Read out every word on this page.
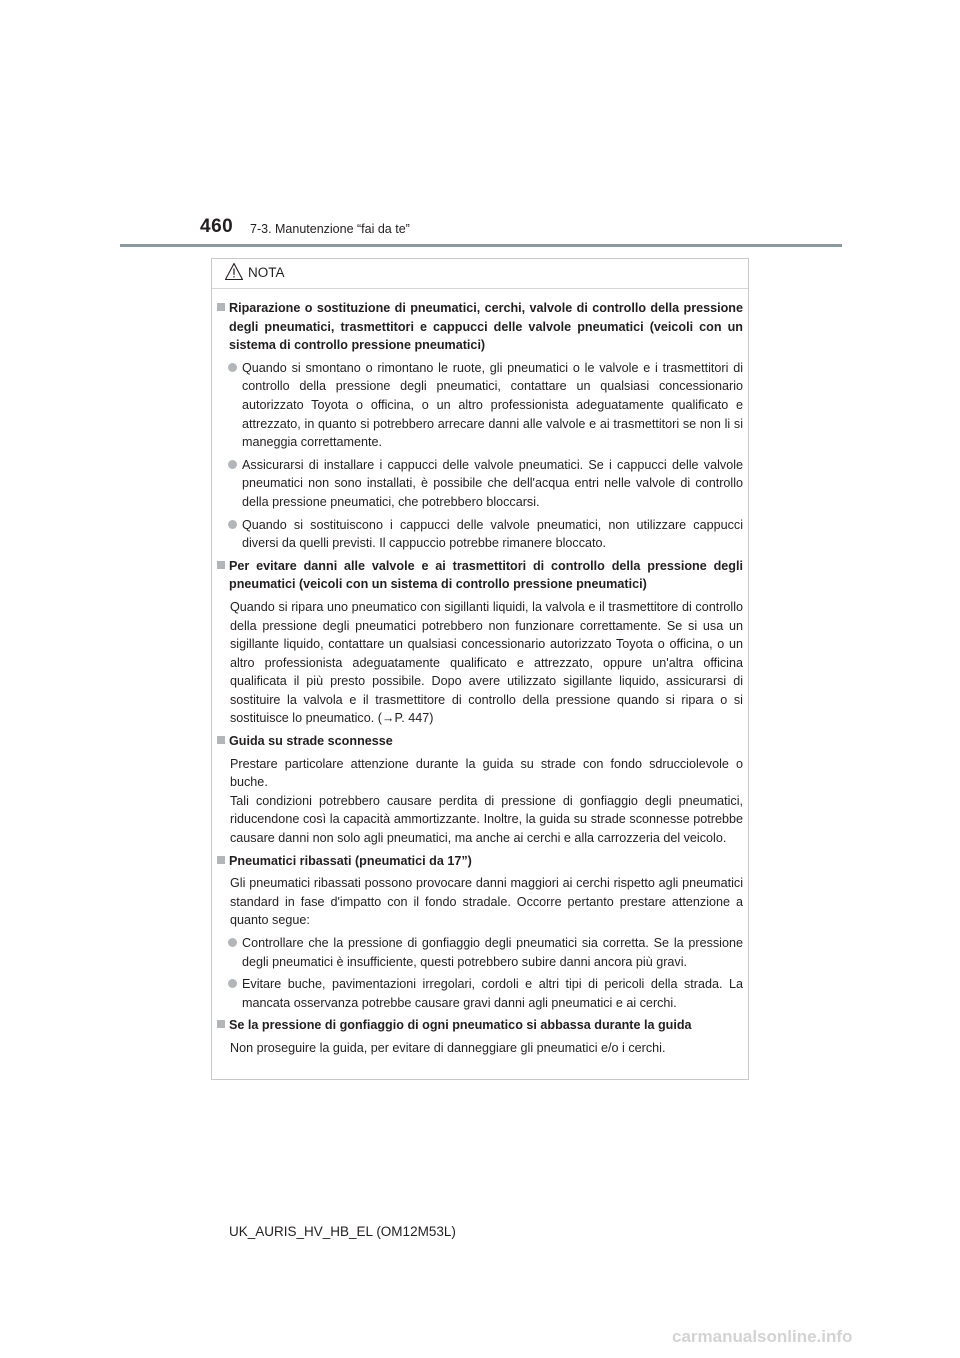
460 7-3. Manutenzione “fai da te”
NOTA
Riparazione o sostituzione di pneumatici, cerchi, valvole di controllo della pressione degli pneumatici, trasmettitori e cappucci delle valvole pneumatici (veicoli con un sistema di controllo pressione pneumatici)
Quando si smontano o rimontano le ruote, gli pneumatici o le valvole e i trasmettitori di controllo della pressione degli pneumatici, contattare un qualsiasi concessionario autorizzato Toyota o officina, o un altro professionista adeguatamente qualificato e attrezzato, in quanto si potrebbero arrecare danni alle valvole e ai trasmettitori se non li si maneggia correttamente.
Assicurarsi di installare i cappucci delle valvole pneumatici. Se i cappucci delle valvole pneumatici non sono installati, è possibile che dell'acqua entri nelle valvole di controllo della pressione pneumatici, che potrebbero bloccarsi.
Quando si sostituiscono i cappucci delle valvole pneumatici, non utilizzare cappucci diversi da quelli previsti. Il cappuccio potrebbe rimanere bloccato.
Per evitare danni alle valvole e ai trasmettitori di controllo della pressione degli pneumatici (veicoli con un sistema di controllo pressione pneumatici)
Quando si ripara uno pneumatico con sigillanti liquidi, la valvola e il trasmettitore di controllo della pressione degli pneumatici potrebbero non funzionare correttamente. Se si usa un sigillante liquido, contattare un qualsiasi concessionario autorizzato Toyota o officina, o un altro professionista adeguatamente qualificato e attrezzato, oppure un'altra officina qualificata il più presto possibile. Dopo avere utilizzato sigillante liquido, assicurarsi di sostituire la valvola e il trasmettitore di controllo della pressione quando si ripara o si sostituisce lo pneumatico. (→P. 447)
Guida su strade sconnesse
Prestare particolare attenzione durante la guida su strade con fondo sdrucciolevole o buche.
Tali condizioni potrebbero causare perdita di pressione di gonfiaggio degli pneumatici, riducendone così la capacità ammortizzante. Inoltre, la guida su strade sconnesse potrebbe causare danni non solo agli pneumatici, ma anche ai cerchi e alla carrozzeria del veicolo.
Pneumatici ribassati (pneumatici da 17”)
Gli pneumatici ribassati possono provocare danni maggiori ai cerchi rispetto agli pneumatici standard in fase d'impatto con il fondo stradale. Occorre pertanto prestare attenzione a quanto segue:
Controllare che la pressione di gonfiaggio degli pneumatici sia corretta. Se la pressione degli pneumatici è insufficiente, questi potrebbero subire danni ancora più gravi.
Evitare buche, pavimentazioni irregolari, cordoli e altri tipi di pericoli della strada. La mancata osservanza potrebbe causare gravi danni agli pneumatici e ai cerchi.
Se la pressione di gonfiaggio di ogni pneumatico si abbassa durante la guida
Non proseguire la guida, per evitare di danneggiare gli pneumatici e/o i cerchi.
UK_AURIS_HV_HB_EL (OM12M53L)
carmanualsonline.info
